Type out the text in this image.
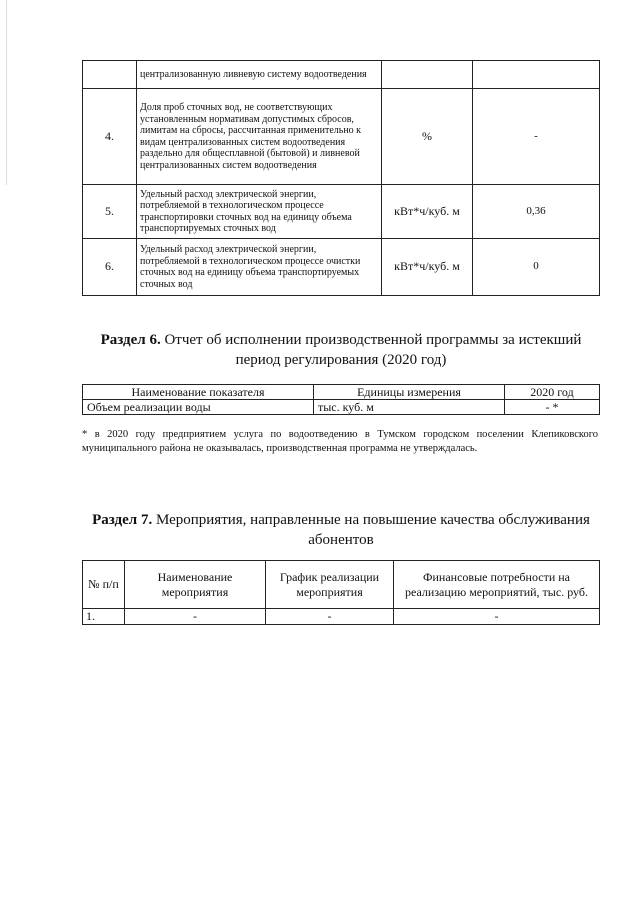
	централизованную ливневую систему водоотведения		
4.	Доля проб сточных вод, не соответствующих установленным нормативам допустимых сбросов, лимитам на сбросы, рассчитанная применительно к видам централизованных систем водоотведения раздельно для общесплавной (бытовой) и ливневой централизованных систем водоотведения	%	-
5.	Удельный расход электрической энергии, потребляемой в технологическом процессе транспортировки сточных вод на единицу объема транспортируемых сточных вод	кВт*ч/куб. м	0,36
6.	Удельный расход электрической энергии, потребляемой в технологическом процессе очистки сточных вод на единицу объема транспортируемых сточных вод	кВт*ч/куб. м	0
Раздел 6. Отчет об исполнении производственной программы за истекший период регулирования (2020 год)
Наименование показателя	Единицы измерения	2020 год
Объем реализации воды	тыс. куб. м	- *
* в 2020 году предприятием услуга по водоотведению в Тумском городском поселении Клепиковского муниципального района не оказывалась, производственная программа не утверждалась.
Раздел 7. Мероприятия, направленные на повышение качества обслуживания абонентов
№ п/п	Наименование мероприятия	График реализации мероприятия	Финансовые потребности на реализацию мероприятий, тыс. руб.
1.	-	-	-
